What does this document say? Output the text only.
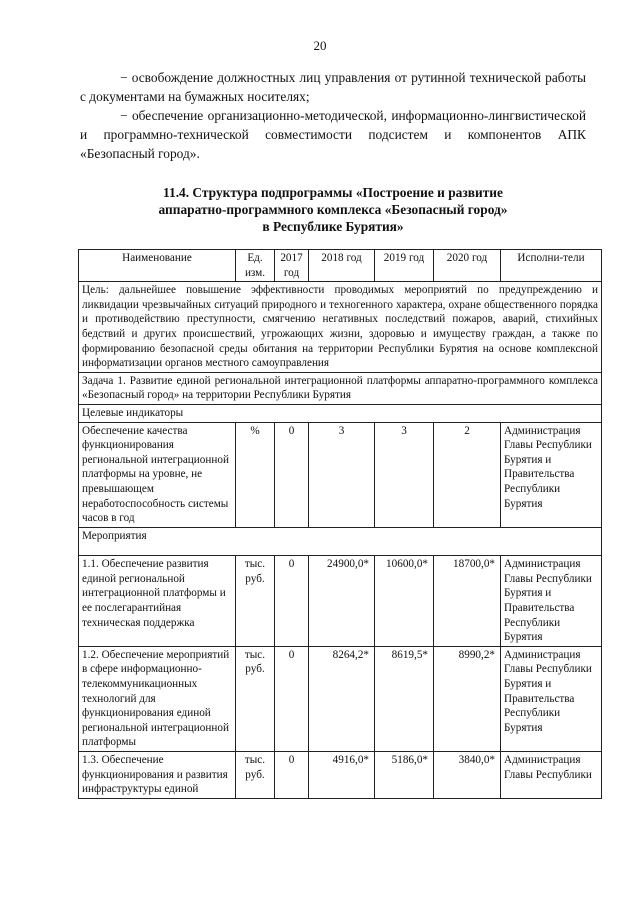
20

− освобождение должностных лиц управления от рутинной технической работы с документами на бумажных носителях;

− обеспечение организационно-методической, информационно-лингвистической и программно-технической совместимости подсистем и компонентов АПК «Безопасный город».

11.4. Структура подпрограммы «Построение и развитие
аппаратно-программного комплекса «Безопасный город»
в Республике Бурятия»
Наименование	Ед. изм.	2017 год	2018 год	2019 год	2020 год	Исполни-тели
Цель: дальнейшее повышение эффективности проводимых мероприятий по предупреждению и ликвидации чрезвычайных ситуаций природного и техногенного характера, охране общественного порядка и противодействию преступности, смягчению негативных последствий пожаров, аварий, стихийных бедствий и других происшествий, угрожающих жизни, здоровью и имуществу граждан, а также по формированию безопасной среды обитания на территории Республики Бурятия на основе комплексной информатизации органов местного самоуправления						
Задача 1. Развитие единой региональной интеграционной платформы аппаратно-программного комплекса «Безопасный город» на территории Республики Бурятия						
Целевые индикаторы						
Обеспечение качества функционирования региональной интеграционной платформы на уровне, не превышающем неработоспособность системы часов в год	%	0	3	3	2	Администрация Главы Республики Бурятия и Правительства Республики Бурятия
Мероприятия						
1.1. Обеспечение развития единой региональной интеграционной платформы и ее послегарантийная техническая поддержка	тыс. руб.	0	24900,0*	10600,0*	18700,0*	Администрация Главы Республики Бурятия и Правительства Республики Бурятия
1.2. Обеспечение мероприятий в сфере информационно-телекоммуникационных технологий для функционирования единой региональной интеграционной платформы	тыс. руб.	0	8264,2*	8619,5*	8990,2*	Администрация Главы Республики Бурятия и Правительства Республики Бурятия
1.3. Обеспечение функционирования и развития инфраструктуры единой	тыс. руб.	0	4916,0*	5186,0*	3840,0*	Администрация Главы Республики
